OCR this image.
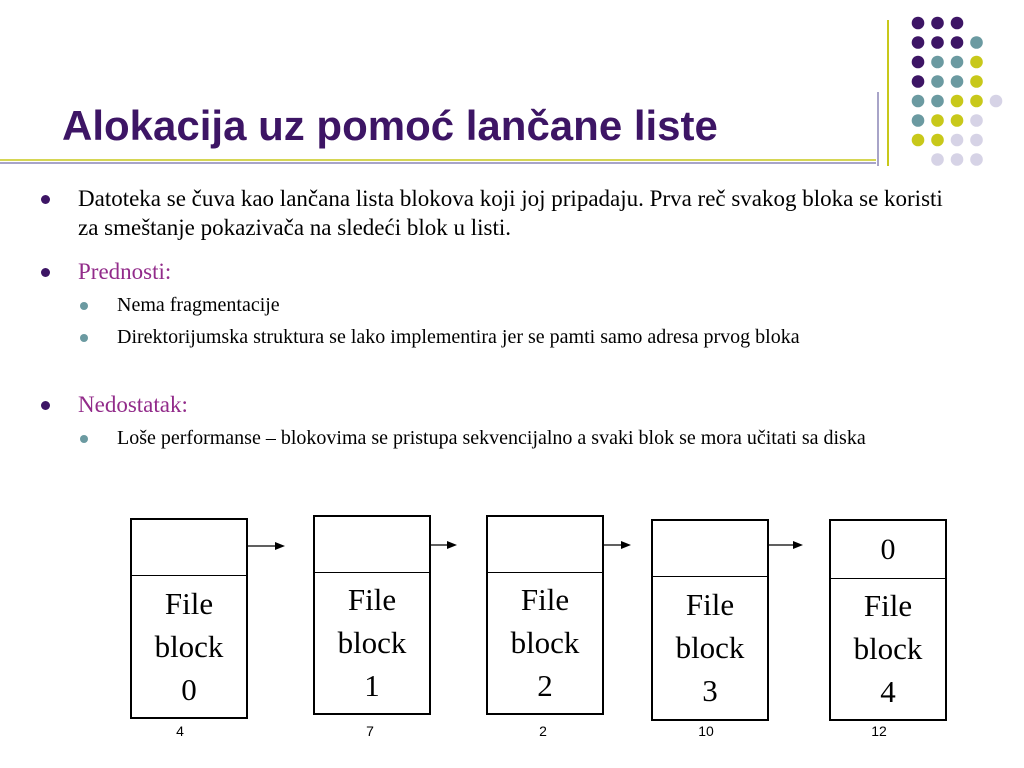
Alokacija uz pomoć lančane liste
Datoteka se čuva kao lančana lista blokova koji joj pripadaju. Prva reč svakog bloka se koristi za smeštanje pokazivača na sledeći blok u listi.
Prednosti:
Nema fragmentacije
Direktorijumska struktura se lako implementira jer se pamti samo adresa prvog bloka
Nedostatak:
Loše performanse – blokovima se pristupa sekvencijalno a svaki blok se mora učitati sa diska
File
block
0
File
block
1
File
block
2
File
block
3
0
File
block
4
4	7	2	10	12
